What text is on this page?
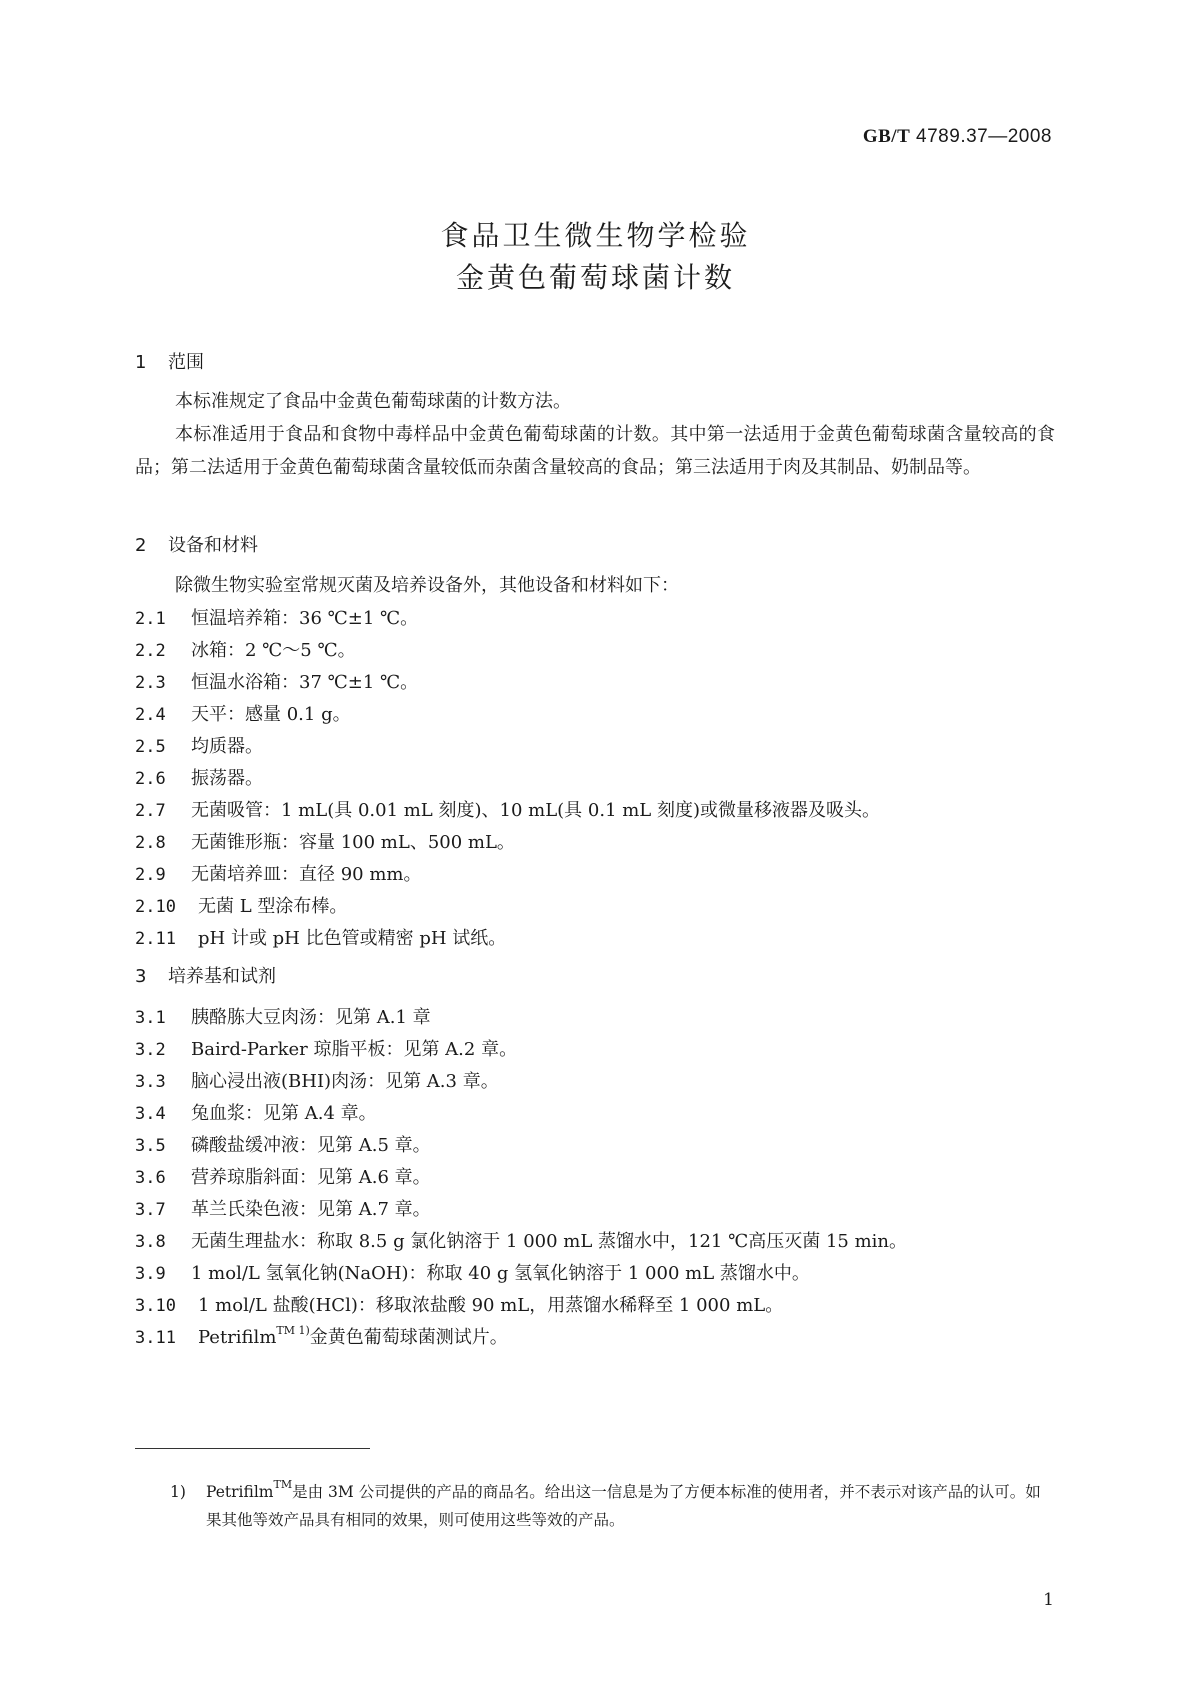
GB/T 4789.37—2008
食品卫生微生物学检验
金黄色葡萄球菌计数
1 范围
本标准规定了食品中金黄色葡萄球菌的计数方法。
本标准适用于食品和食物中毒样品中金黄色葡萄球菌的计数。其中第一法适用于金黄色葡萄球菌含量较高的食品；第二法适用于金黄色葡萄球菌含量较低而杂菌含量较高的食品；第三法适用于肉及其制品、奶制品等。
2 设备和材料
除微生物实验室常规灭菌及培养设备外，其他设备和材料如下：
2.1 恒温培养箱：36 ℃±1 ℃。
2.2 冰箱：2 ℃～5 ℃。
2.3 恒温水浴箱：37 ℃±1 ℃。
2.4 天平：感量 0.1 g。
2.5 均质器。
2.6 振荡器。
2.7 无菌吸管：1 mL(具 0.01 mL 刻度)、10 mL(具 0.1 mL 刻度)或微量移液器及吸头。
2.8 无菌锥形瓶：容量 100 mL、500 mL。
2.9 无菌培养皿：直径 90 mm。
2.10 无菌 L 型涂布棒。
2.11 pH 计或 pH 比色管或精密 pH 试纸。
3 培养基和试剂
3.1 胰酪胨大豆肉汤：见第 A.1 章
3.2 Baird-Parker 琼脂平板：见第 A.2 章。
3.3 脑心浸出液(BHI)肉汤：见第 A.3 章。
3.4 兔血浆：见第 A.4 章。
3.5 磷酸盐缓冲液：见第 A.5 章。
3.6 营养琼脂斜面：见第 A.6 章。
3.7 革兰氏染色液：见第 A.7 章。
3.8 无菌生理盐水：称取 8.5 g 氯化钠溶于 1 000 mL 蒸馏水中，121 ℃高压灭菌 15 min。
3.9 1 mol/L 氢氧化钠(NaOH)：称取 40 g 氢氧化钠溶于 1 000 mL 蒸馏水中。
3.10 1 mol/L 盐酸(HCl)：移取浓盐酸 90 mL，用蒸馏水稀释至 1 000 mL。
3.11 Petrifilm$^{TM 1)}$金黄色葡萄球菌测试片。
1) Petrifilm™是由 3M 公司提供的产品的商品名。给出这一信息是为了方便本标准的使用者，并不表示对该产品的认可。如果其他等效产品具有相同的效果，则可使用这些等效的产品。
1
